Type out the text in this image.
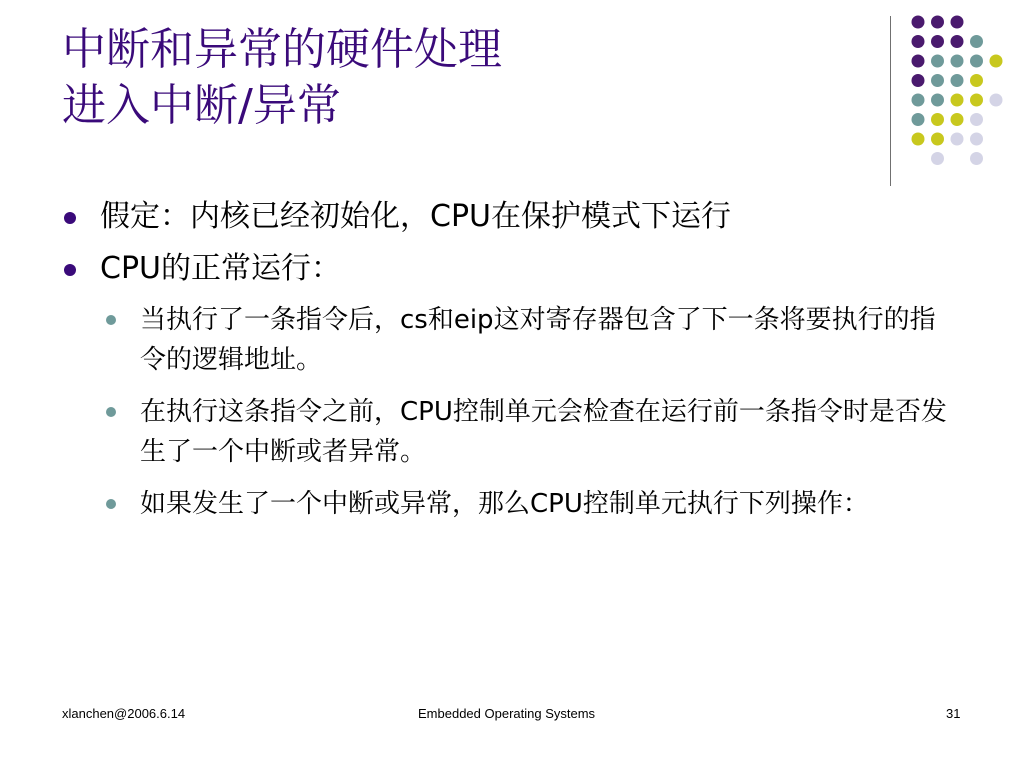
中断和异常的硬件处理
进入中断/异常
假定：内核已经初始化，CPU在保护模式下运行
CPU的正常运行：
当执行了一条指令后，cs和eip这对寄存器包含了下一条将要执行的指令的逻辑地址。
在执行这条指令之前，CPU控制单元会检查在运行前一条指令时是否发生了一个中断或者异常。
如果发生了一个中断或异常，那么CPU控制单元执行下列操作：
xlanchen@2006.6.14	Embedded Operating Systems	31
